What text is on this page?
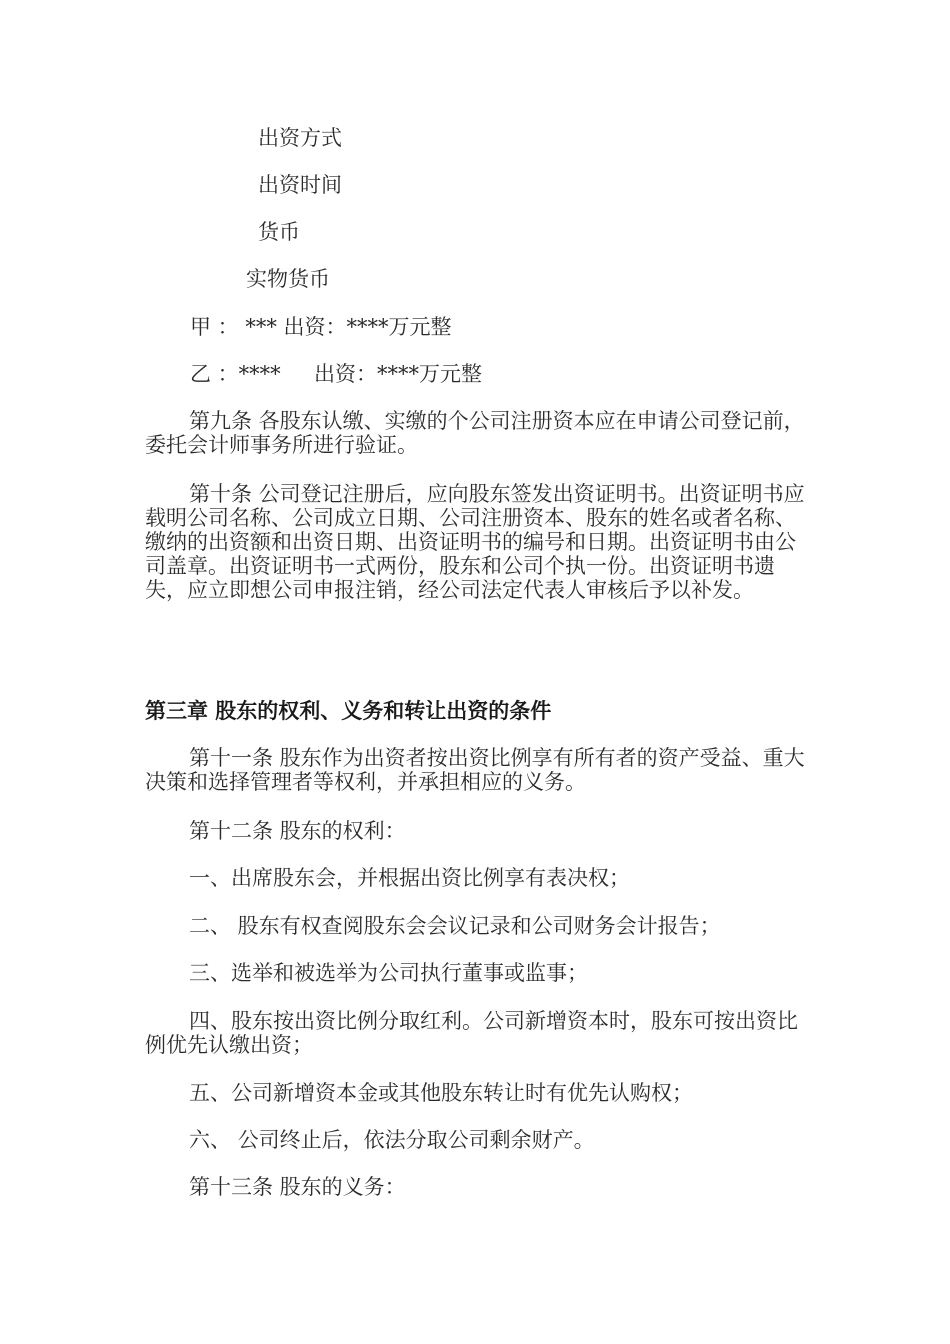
出资方式

出资时间

货币

实物货币

甲 ： *** 出资：****万元整

乙 ：****     出资：****万元整

第九条 各股东认缴、实缴的个公司注册资本应在申请公司登记前，委托会计师事务所进行验证。

第十条 公司登记注册后，应向股东签发出资证明书。出资证明书应载明公司名称、公司成立日期、公司注册资本、股东的姓名或者名称、缴纳的出资额和出资日期、出资证明书的编号和日期。出资证明书由公司盖章。出资证明书一式两份，股东和公司个执一份。出资证明书遗失，应立即想公司申报注销，经公司法定代表人审核后予以补发。

第三章 股东的权利、义务和转让出资的条件

第十一条 股东作为出资者按出资比例享有所有者的资产受益、重大决策和选择管理者等权利，并承担相应的义务。

第十二条 股东的权利：

一、出席股东会，并根据出资比例享有表决权；

二、 股东有权查阅股东会会议记录和公司财务会计报告；

三、选举和被选举为公司执行董事或监事；

四、股东按出资比例分取红利。公司新增资本时，股东可按出资比例优先认缴出资；

五、公司新增资本金或其他股东转让时有优先认购权；

六、 公司终止后，依法分取公司剩余财产。

第十三条 股东的义务：
